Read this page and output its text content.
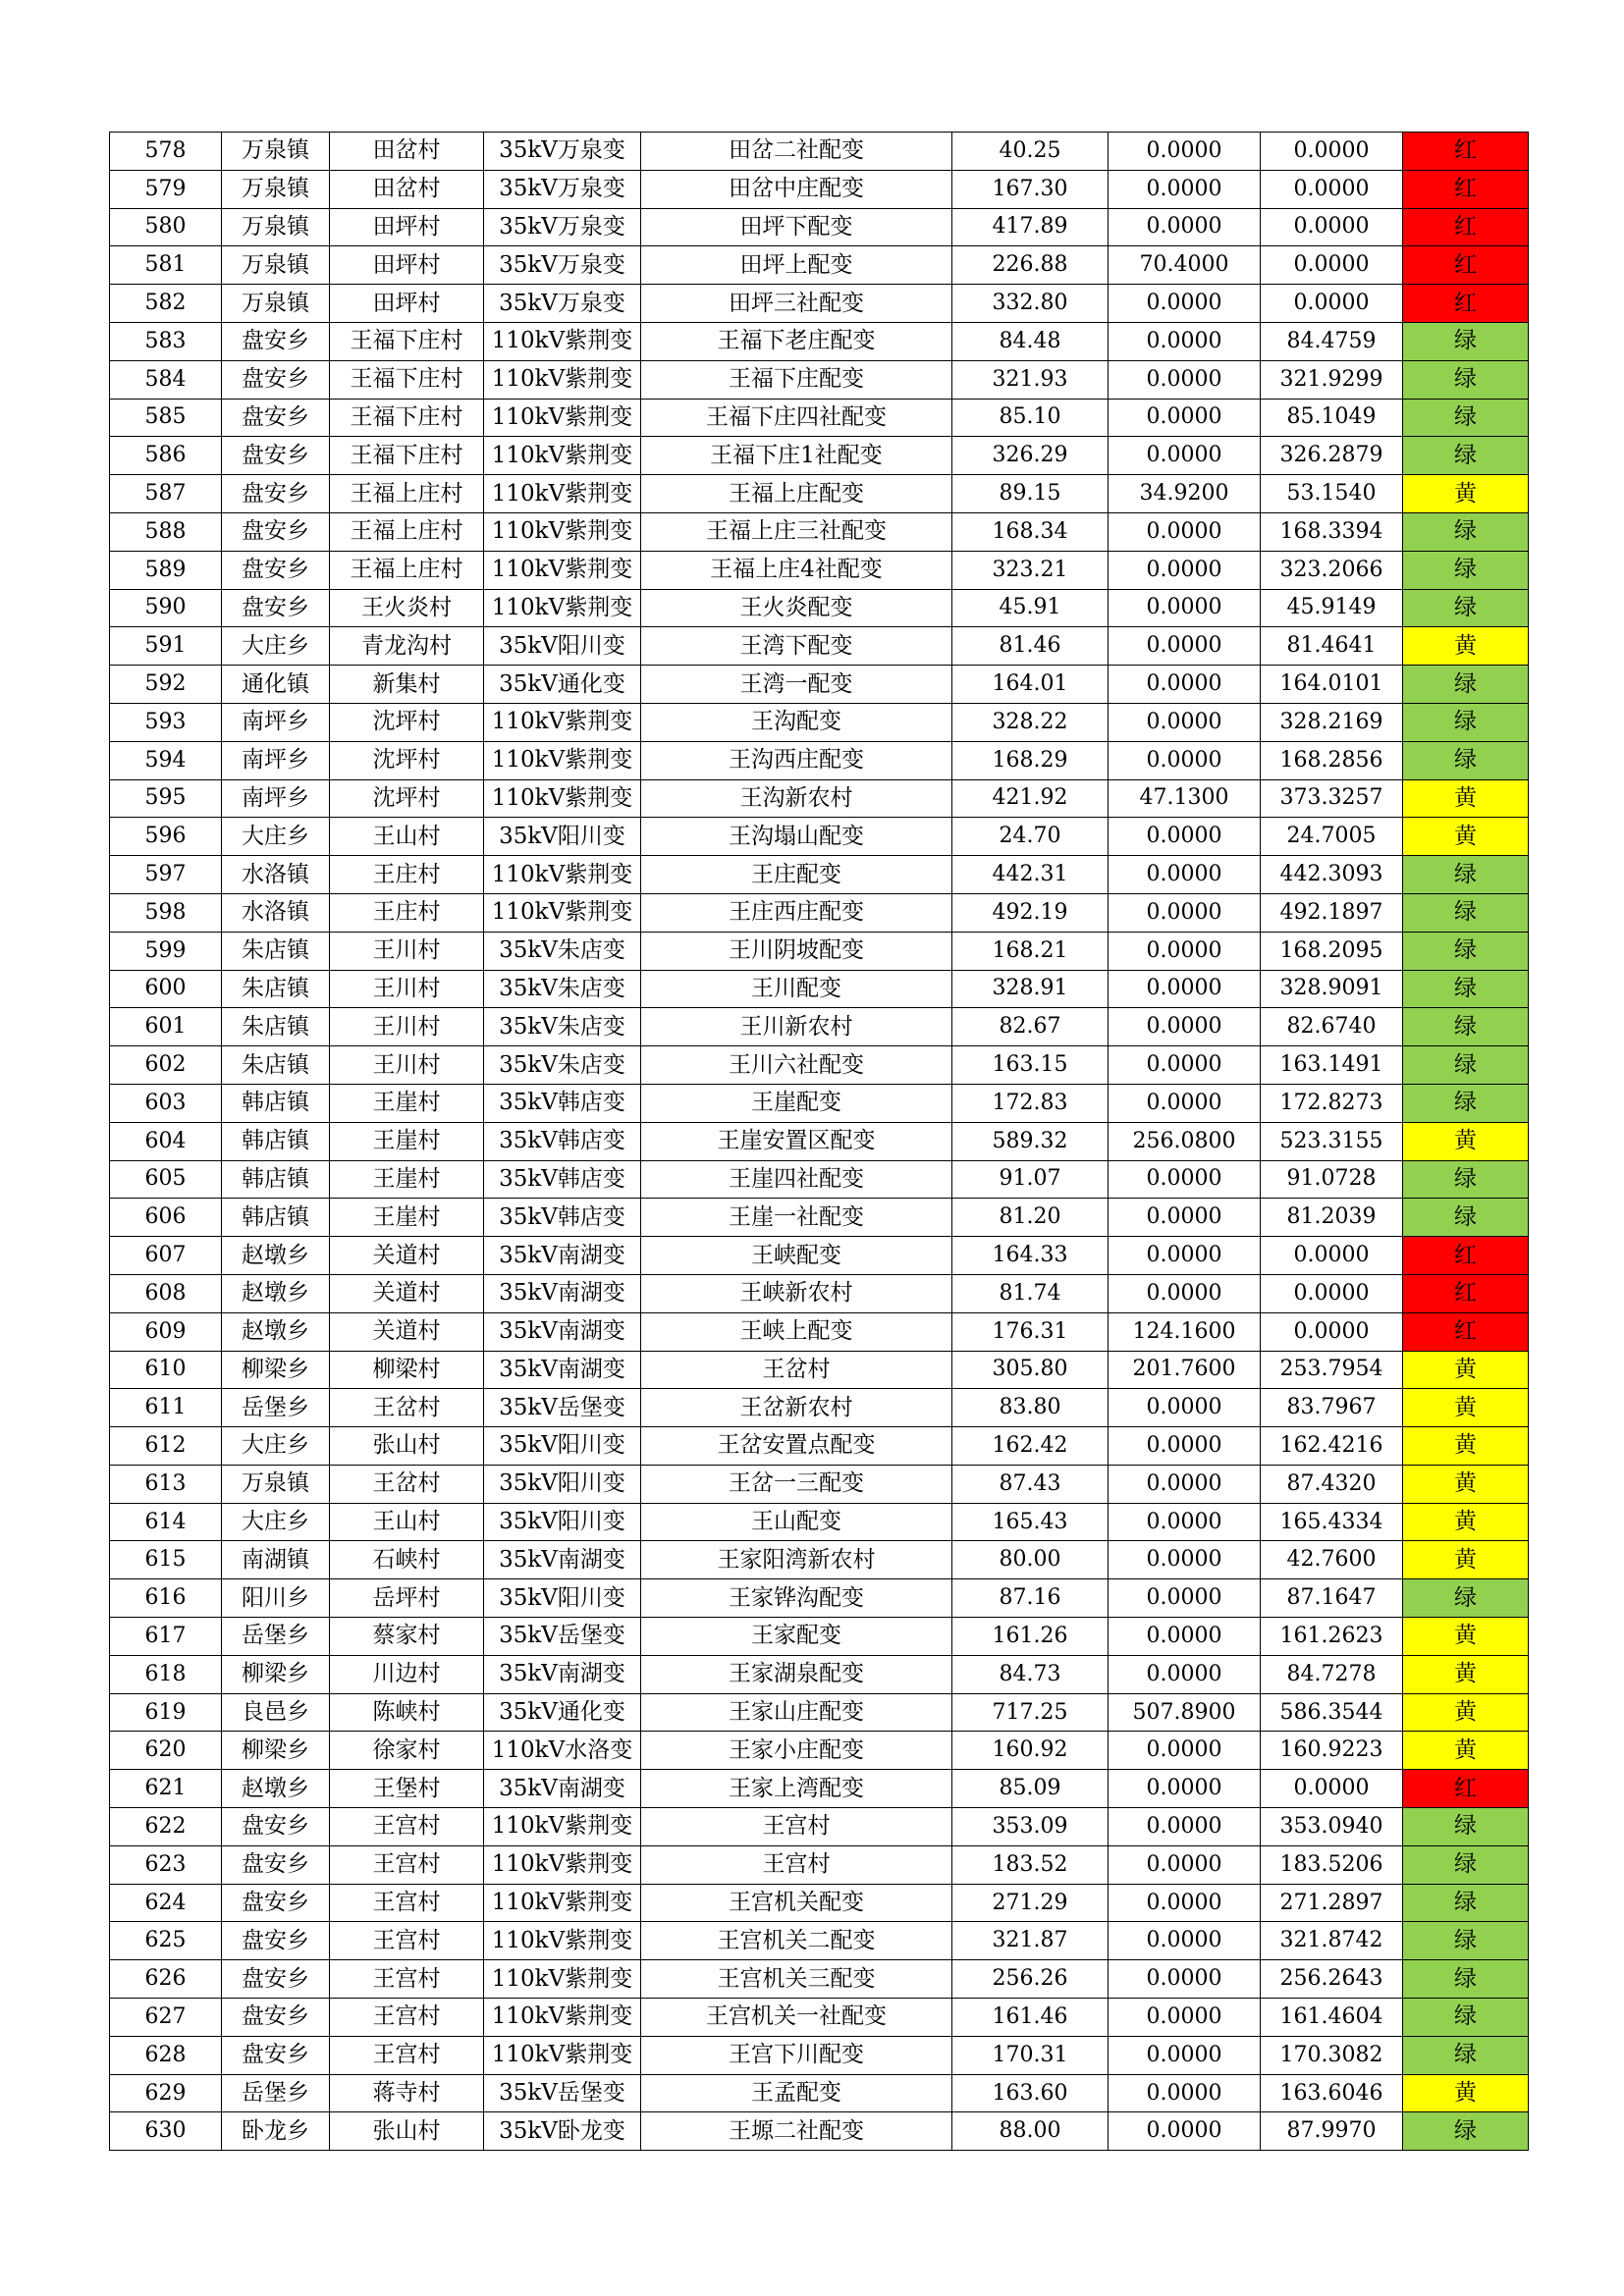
578	万泉镇	田岔村	35kV万泉变	田岔二社配变	40.25	0.0000	0.0000	红
579	万泉镇	田岔村	35kV万泉变	田岔中庄配变	167.30	0.0000	0.0000	红
580	万泉镇	田坪村	35kV万泉变	田坪下配变	417.89	0.0000	0.0000	红
581	万泉镇	田坪村	35kV万泉变	田坪上配变	226.88	70.4000	0.0000	红
582	万泉镇	田坪村	35kV万泉变	田坪三社配变	332.80	0.0000	0.0000	红
583	盘安乡	王福下庄村	110kV紫荆变	王福下老庄配变	84.48	0.0000	84.4759	绿
584	盘安乡	王福下庄村	110kV紫荆变	王福下庄配变	321.93	0.0000	321.9299	绿
585	盘安乡	王福下庄村	110kV紫荆变	王福下庄四社配变	85.10	0.0000	85.1049	绿
586	盘安乡	王福下庄村	110kV紫荆变	王福下庄1社配变	326.29	0.0000	326.2879	绿
587	盘安乡	王福上庄村	110kV紫荆变	王福上庄配变	89.15	34.9200	53.1540	黄
588	盘安乡	王福上庄村	110kV紫荆变	王福上庄三社配变	168.34	0.0000	168.3394	绿
589	盘安乡	王福上庄村	110kV紫荆变	王福上庄4社配变	323.21	0.0000	323.2066	绿
590	盘安乡	王火炎村	110kV紫荆变	王火炎配变	45.91	0.0000	45.9149	绿
591	大庄乡	青龙沟村	35kV阳川变	王湾下配变	81.46	0.0000	81.4641	黄
592	通化镇	新集村	35kV通化变	王湾一配变	164.01	0.0000	164.0101	绿
593	南坪乡	沈坪村	110kV紫荆变	王沟配变	328.22	0.0000	328.2169	绿
594	南坪乡	沈坪村	110kV紫荆变	王沟西庄配变	168.29	0.0000	168.2856	绿
595	南坪乡	沈坪村	110kV紫荆变	王沟新农村	421.92	47.1300	373.3257	黄
596	大庄乡	王山村	35kV阳川变	王沟塌山配变	24.70	0.0000	24.7005	黄
597	水洛镇	王庄村	110kV紫荆变	王庄配变	442.31	0.0000	442.3093	绿
598	水洛镇	王庄村	110kV紫荆变	王庄西庄配变	492.19	0.0000	492.1897	绿
599	朱店镇	王川村	35kV朱店变	王川阴坡配变	168.21	0.0000	168.2095	绿
600	朱店镇	王川村	35kV朱店变	王川配变	328.91	0.0000	328.9091	绿
601	朱店镇	王川村	35kV朱店变	王川新农村	82.67	0.0000	82.6740	绿
602	朱店镇	王川村	35kV朱店变	王川六社配变	163.15	0.0000	163.1491	绿
603	韩店镇	王崖村	35kV韩店变	王崖配变	172.83	0.0000	172.8273	绿
604	韩店镇	王崖村	35kV韩店变	王崖安置区配变	589.32	256.0800	523.3155	黄
605	韩店镇	王崖村	35kV韩店变	王崖四社配变	91.07	0.0000	91.0728	绿
606	韩店镇	王崖村	35kV韩店变	王崖一社配变	81.20	0.0000	81.2039	绿
607	赵墩乡	关道村	35kV南湖变	王峡配变	164.33	0.0000	0.0000	红
608	赵墩乡	关道村	35kV南湖变	王峡新农村	81.74	0.0000	0.0000	红
609	赵墩乡	关道村	35kV南湖变	王峡上配变	176.31	124.1600	0.0000	红
610	柳梁乡	柳梁村	35kV南湖变	王岔村	305.80	201.7600	253.7954	黄
611	岳堡乡	王岔村	35kV岳堡变	王岔新农村	83.80	0.0000	83.7967	黄
612	大庄乡	张山村	35kV阳川变	王岔安置点配变	162.42	0.0000	162.4216	黄
613	万泉镇	王岔村	35kV阳川变	王岔一三配变	87.43	0.0000	87.4320	黄
614	大庄乡	王山村	35kV阳川变	王山配变	165.43	0.0000	165.4334	黄
615	南湖镇	石峡村	35kV南湖变	王家阳湾新农村	80.00	0.0000	42.7600	黄
616	阳川乡	岳坪村	35kV阳川变	王家铧沟配变	87.16	0.0000	87.1647	绿
617	岳堡乡	蔡家村	35kV岳堡变	王家配变	161.26	0.0000	161.2623	黄
618	柳梁乡	川边村	35kV南湖变	王家湖泉配变	84.73	0.0000	84.7278	黄
619	良邑乡	陈峡村	35kV通化变	王家山庄配变	717.25	507.8900	586.3544	黄
620	柳梁乡	徐家村	110kV水洛变	王家小庄配变	160.92	0.0000	160.9223	黄
621	赵墩乡	王堡村	35kV南湖变	王家上湾配变	85.09	0.0000	0.0000	红
622	盘安乡	王宫村	110kV紫荆变	王宫村	353.09	0.0000	353.0940	绿
623	盘安乡	王宫村	110kV紫荆变	王宫村	183.52	0.0000	183.5206	绿
624	盘安乡	王宫村	110kV紫荆变	王宫机关配变	271.29	0.0000	271.2897	绿
625	盘安乡	王宫村	110kV紫荆变	王宫机关二配变	321.87	0.0000	321.8742	绿
626	盘安乡	王宫村	110kV紫荆变	王宫机关三配变	256.26	0.0000	256.2643	绿
627	盘安乡	王宫村	110kV紫荆变	王宫机关一社配变	161.46	0.0000	161.4604	绿
628	盘安乡	王宫村	110kV紫荆变	王宫下川配变	170.31	0.0000	170.3082	绿
629	岳堡乡	蒋寺村	35kV岳堡变	王孟配变	163.60	0.0000	163.6046	黄
630	卧龙乡	张山村	35kV卧龙变	王塬二社配变	88.00	0.0000	87.9970	绿
